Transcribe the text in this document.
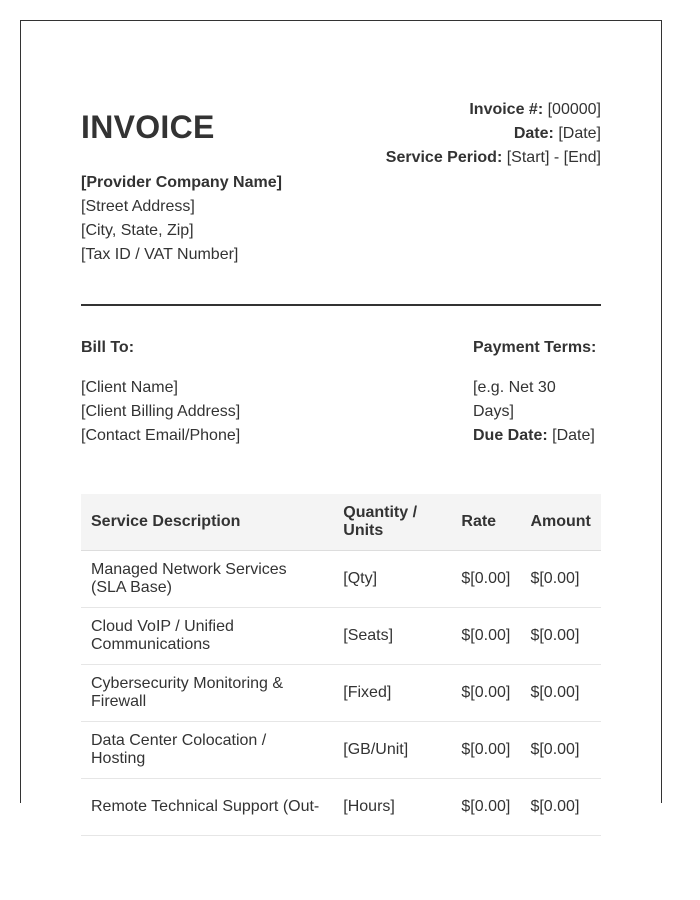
INVOICE	Invoice #: [00000]
Date: [Date]
Service Period: [Start] - [End]
[Provider Company Name]
[Street Address]
[City, State, Zip]
[Tax ID / VAT Number]
Bill To:
[Client Name]
[Client Billing Address]
[Contact Email/Phone]
Payment Terms:
[e.g. Net 30 Days]
Due Date: [Date]
Service Description	Quantity / Units	Rate	Amount
Managed Network Services (SLA Base)	[Qty]	$[0.00]	$[0.00]
Cloud VoIP / Unified Communications	[Seats]	$[0.00]	$[0.00]
Cybersecurity Monitoring & Firewall	[Fixed]	$[0.00]	$[0.00]
Data Center Colocation / Hosting	[GB/Unit]	$[0.00]	$[0.00]
Remote Technical Support (Out-	[Hours]	$[0.00]	$[0.00]
